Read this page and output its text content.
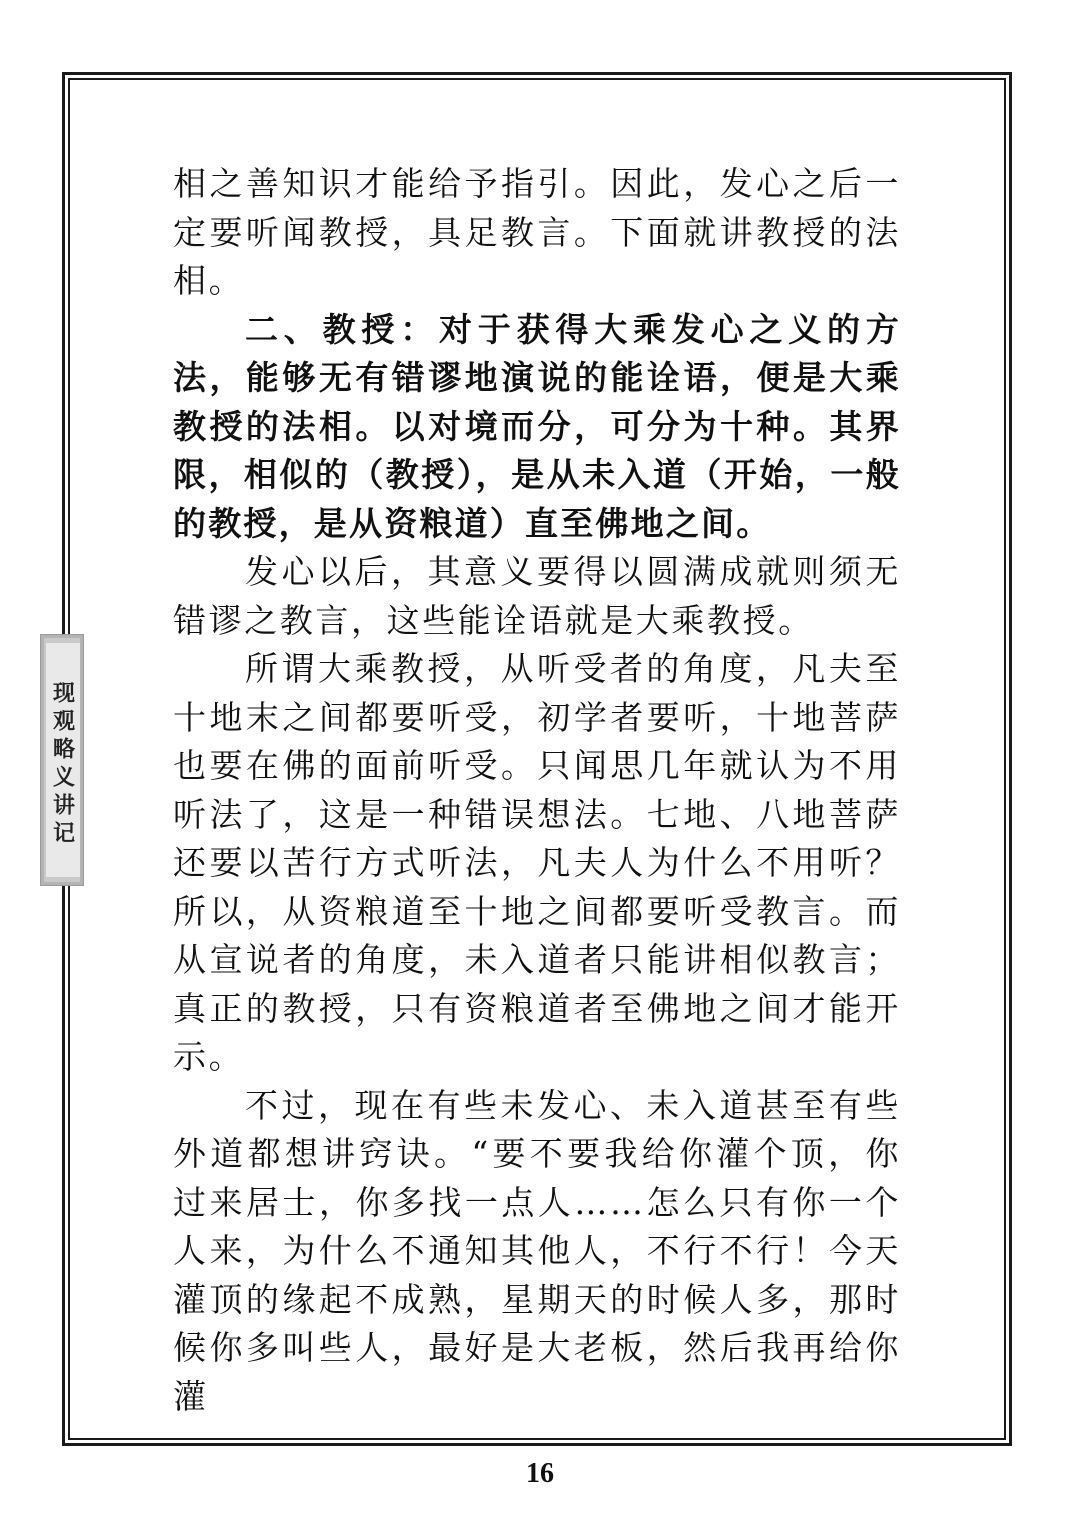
现观略义讲记

相之善知识才能给予指引。因此，发心之后一定要听闻教授，具足教言。下面就讲教授的法相。

二、教授：对于获得大乘发心之义的方法，能够无有错谬地演说的能诠语，便是大乘教授的法相。以对境而分，可分为十种。其界限，相似的（教授），是从未入道（开始，一般的教授，是从资粮道）直至佛地之间。

发心以后，其意义要得以圆满成就则须无错谬之教言，这些能诠语就是大乘教授。

所谓大乘教授，从听受者的角度，凡夫至十地末之间都要听受，初学者要听，十地菩萨也要在佛的面前听受。只闻思几年就认为不用听法了，这是一种错误想法。七地、八地菩萨还要以苦行方式听法，凡夫人为什么不用听？所以，从资粮道至十地之间都要听受教言。而从宣说者的角度，未入道者只能讲相似教言；真正的教授，只有资粮道者至佛地之间才能开示。

不过，现在有些未发心、未入道甚至有些外道都想讲窍诀。“要不要我给你灌个顶，你过来居士，你多找一点人……怎么只有你一个人来，为什么不通知其他人，不行不行！今天灌顶的缘起不成熟，星期天的时候人多，那时候你多叫些人，最好是大老板，然后我再给你灌

16
